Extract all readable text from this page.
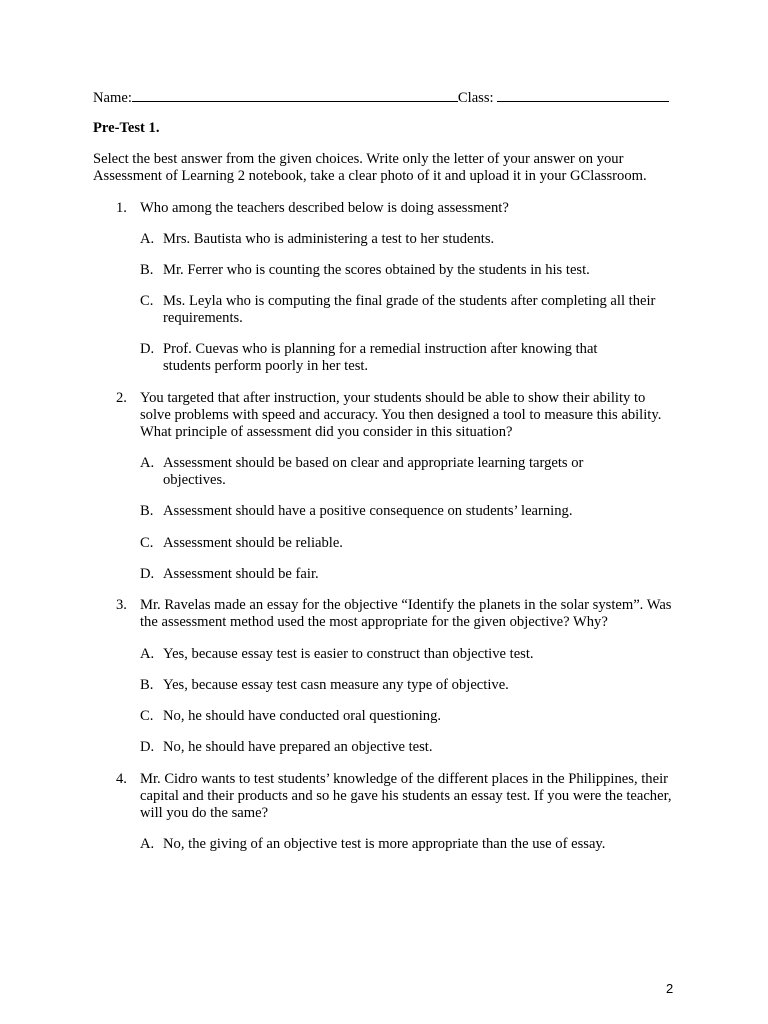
Name:	Class:
Pre-Test 1.
Select the best answer from the given choices. Write only the letter of your answer on your
Assessment of Learning 2 notebook, take a clear photo of it and upload it in your GClassroom.
1. Who among the teachers described below is doing assessment?
A. Mrs. Bautista who is administering a test to her students.
B. Mr. Ferrer who is counting the scores obtained by the students in his test.
C. Ms. Leyla who is computing the final grade of the students after completing all their requirements.
D. Prof. Cuevas who is planning for a remedial instruction after knowing that students perform poorly in her test.
2. You targeted that after instruction, your students should be able to show their ability to solve problems with speed and accuracy. You then designed a tool to measure this ability. What principle of assessment did you consider in this situation?
A. Assessment should be based on clear and appropriate learning targets or objectives.
B. Assessment should have a positive consequence on students’ learning.
C. Assessment should be reliable.
D. Assessment should be fair.
3. Mr. Ravelas made an essay for the objective “Identify the planets in the solar system”. Was the assessment method used the most appropriate for the given objective? Why?
A. Yes, because essay test is easier to construct than objective test.
B. Yes, because essay test casn measure any type of objective.
C. No, he should have conducted oral questioning.
D. No, he should have prepared an objective test.
4. Mr. Cidro wants to test students’ knowledge of the different places in the Philippines, their capital and their products and so he gave his students an essay test. If you were the teacher, will you do the same?
A. No, the giving of an objective test is more appropriate than the use of essay.
2
